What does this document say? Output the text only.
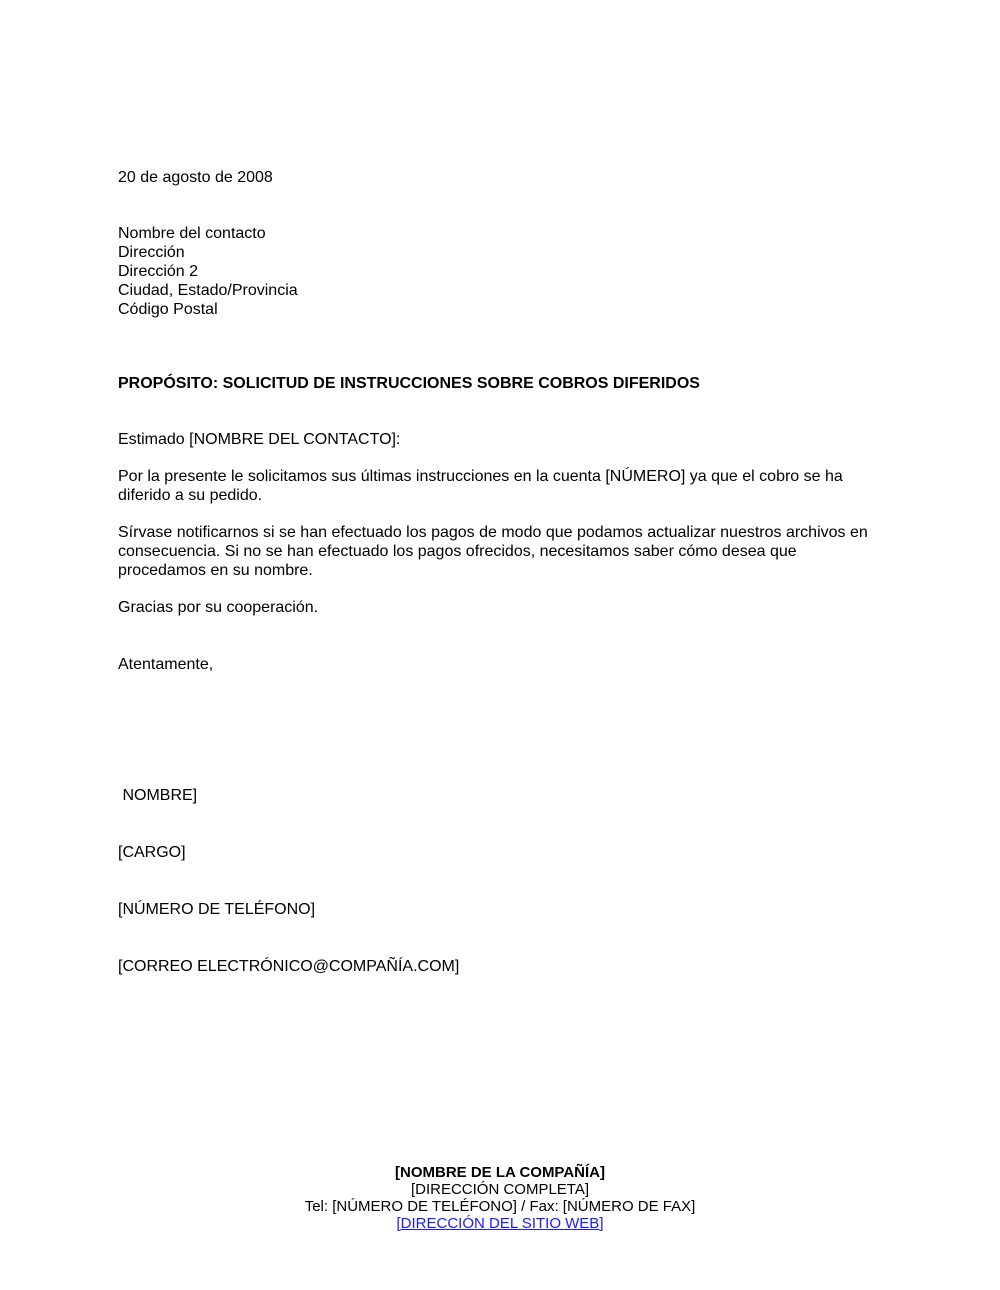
20 de agosto de 2008
Nombre del contacto
Dirección
Dirección 2
Ciudad, Estado/Provincia
Código Postal
PROPÓSITO: SOLICITUD DE INSTRUCCIONES SOBRE COBROS DIFERIDOS
Estimado [NOMBRE DEL CONTACTO]:
Por la presente le solicitamos sus últimas instrucciones en la cuenta [NÚMERO] ya que el cobro se ha diferido a su pedido.
Sírvase notificarnos si se han efectuado los pagos de modo que podamos actualizar nuestros archivos en consecuencia. Si no se han efectuado los pagos ofrecidos, necesitamos saber cómo desea que procedamos en su nombre.
Gracias por su cooperación.
Atentamente,

NOMBRE]

[CARGO]

[NÚMERO DE TELÉFONO]

[CORREO ELECTRÓNICO@COMPAÑÍA.COM]

[NOMBRE DE LA COMPAÑÍA]
[DIRECCIÓN COMPLETA]
Tel: [NÚMERO DE TELÉFONO] / Fax: [NÚMERO DE FAX]
[DIRECCIÓN DEL SITIO WEB]
